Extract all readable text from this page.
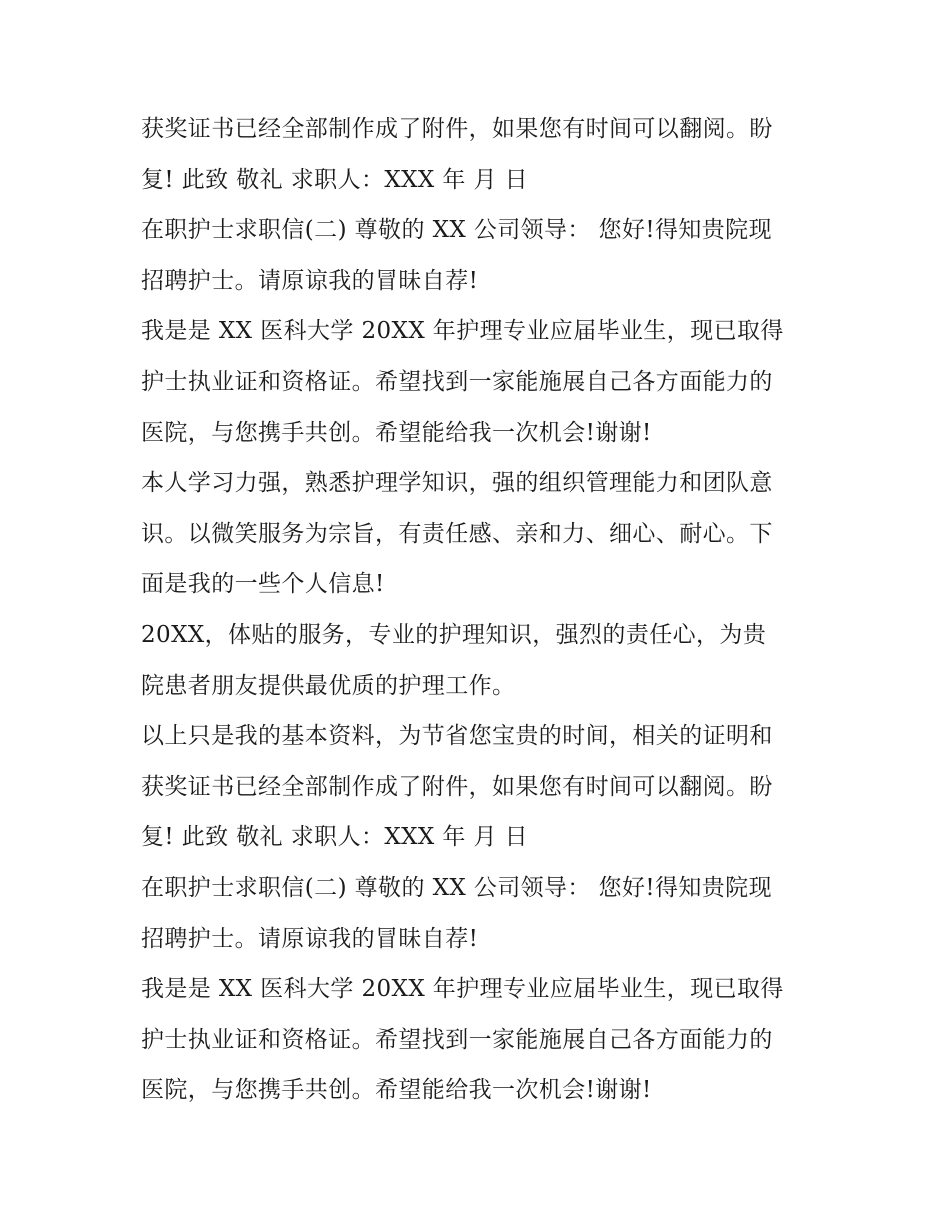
获奖证书已经全部制作成了附件，如果您有时间可以翻阅。盼
复! 此致 敬礼 求职人：XXX 年 月 日
在职护士求职信(二) 尊敬的 XX 公司领导： 您好!得知贵院现
招聘护士。请原谅我的冒昧自荐!
我是是 XX 医科大学 20XX 年护理专业应届毕业生，现已取得
护士执业证和资格证。希望找到一家能施展自己各方面能力的
医院，与您携手共创。希望能给我一次机会!谢谢!
本人学习力强，熟悉护理学知识，强的组织管理能力和团队意
识。以微笑服务为宗旨，有责任感、亲和力、细心、耐心。下
面是我的一些个人信息!
20XX，体贴的服务，专业的护理知识，强烈的责任心，为贵
院患者朋友提供最优质的护理工作。
以上只是我的基本资料，为节省您宝贵的时间，相关的证明和
获奖证书已经全部制作成了附件，如果您有时间可以翻阅。盼
复! 此致 敬礼 求职人：XXX 年 月 日
在职护士求职信(二) 尊敬的 XX 公司领导： 您好!得知贵院现
招聘护士。请原谅我的冒昧自荐!
我是是 XX 医科大学 20XX 年护理专业应届毕业生，现已取得
护士执业证和资格证。希望找到一家能施展自己各方面能力的
医院，与您携手共创。希望能给我一次机会!谢谢!
